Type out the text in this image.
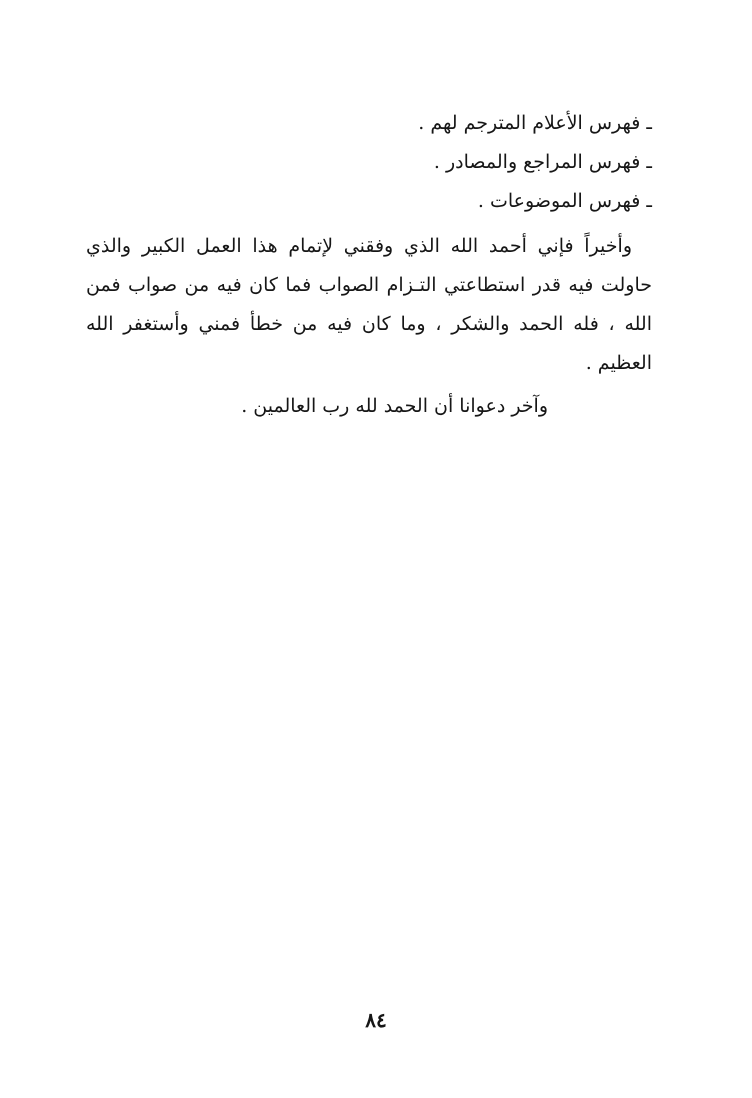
ـ فهرس الأعلام المترجم لهم .

ـ فهرس المراجع والمصادر .

ـ فهرس الموضوعات .

وأخيراً فإني أحمد الله الذي وفقني لإتمام هذا العمل الكبير والذي حاولت فيه قدر استطاعتي التـزام الصواب فما كان فيه من صواب فمن الله ، فله الحمد والشكر ، وما كان فيه من خطأ فمني وأستغفر الله العظيم .

وآخر دعوانا أن الحمد لله رب العالمين .

٨٤
